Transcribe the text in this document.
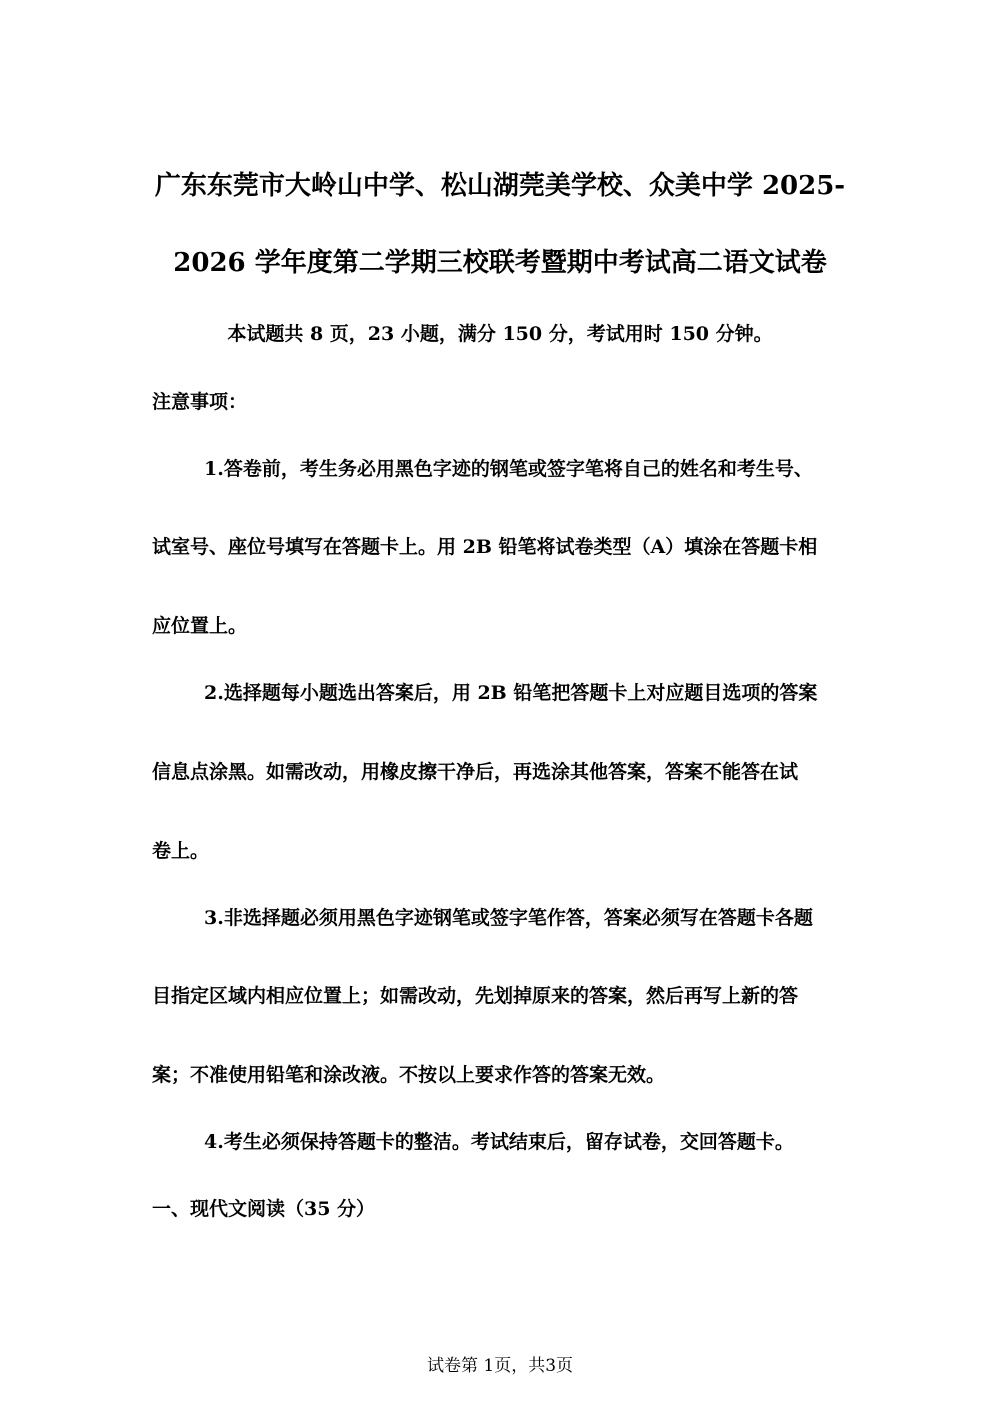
广东东莞市大岭山中学、松山湖莞美学校、众美中学 2025-
2026 学年度第二学期三校联考暨期中考试高二语文试卷
本试题共 8 页，23 小题，满分 150 分，考试用时 150 分钟。
注意事项：
1.答卷前，考生务必用黑色字迹的钢笔或签字笔将自己的姓名和考生号、
试室号、座位号填写在答题卡上。用 2B 铅笔将试卷类型（A）填涂在答题卡相
应位置上。
2.选择题每小题选出答案后，用 2B 铅笔把答题卡上对应题目选项的答案
信息点涂黑。如需改动，用橡皮擦干净后，再选涂其他答案，答案不能答在试
卷上。
3.非选择题必须用黑色字迹钢笔或签字笔作答，答案必须写在答题卡各题
目指定区域内相应位置上；如需改动，先划掉原来的答案，然后再写上新的答
案；不准使用铅笔和涂改液。不按以上要求作答的答案无效。
4.考生必须保持答题卡的整洁。考试结束后，留存试卷，交回答题卡。
一、现代文阅读（35 分）
试卷第 1页，共3页
